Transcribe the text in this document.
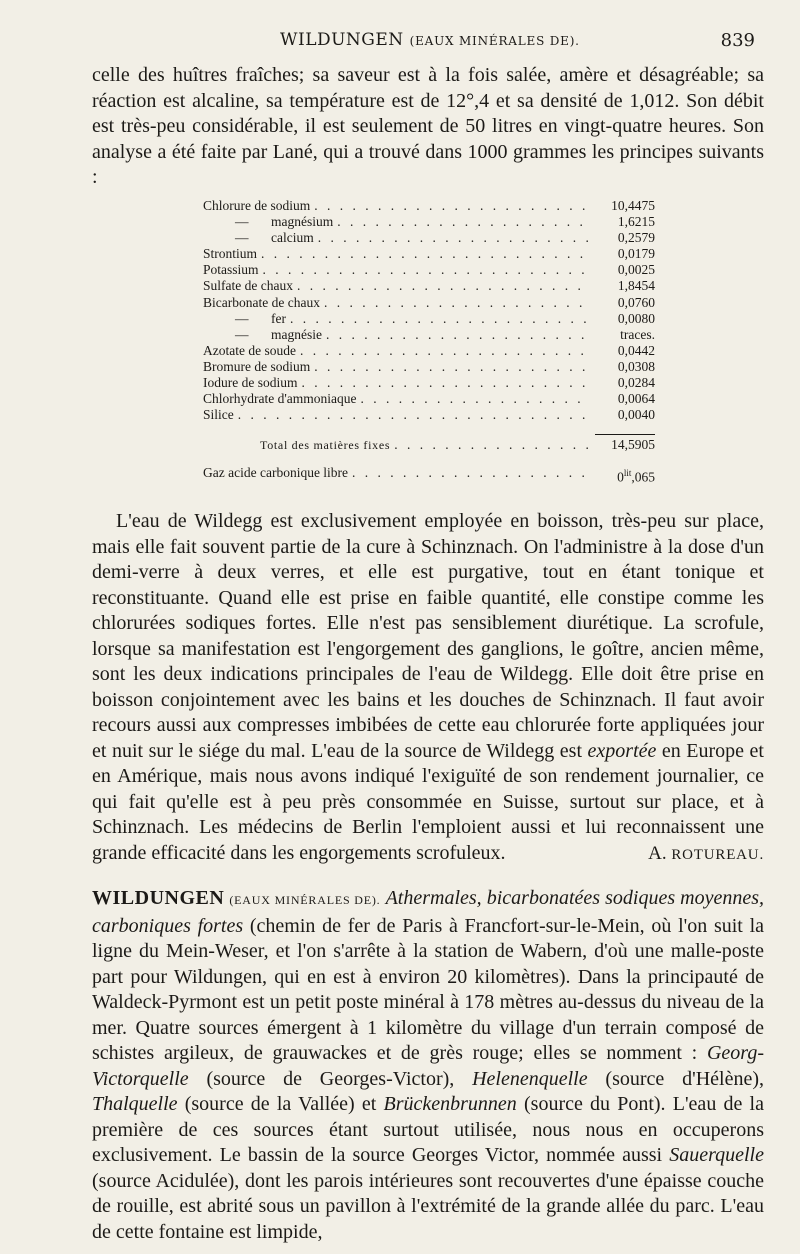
WILDUNGEN (EAUX MINÉRALES DE).	839

celle des huîtres fraîches; sa saveur est à la fois salée, amère et désagréable; sa réaction est alcaline, sa température est de 12°,4 et sa densité de 1,012. Son débit est très-peu considérable, il est seulement de 50 litres en vingt-quatre heures. Son analyse a été faite par Lané, qui a trouvé dans 1000 grammes les principes suivants :

Chlorure de sodium . . .	10,4475
— magnésium . . .	1,6215
— calcium . . .	0,2579
Strontium . . .	0,0179
Potassium . . .	0,0025
Sulfate de chaux . . .	1,8454
Bicarbonate de chaux . . .	0,0760
— fer . . .	0,0080
— magnésie . . .	traces.
Azotate de soude . . .	0,0442
Bromure de sodium . . .	0,0308
Iodure de sodium . . .	0,0284
Chlorhydrate d'ammoniaque . . .	0,0064
Silice . . .	0,0040
Total des matières fixes . . .	14,5905
Gaz acide carbonique libre . . .	$0^{lit},065$

L'eau de Wildegg est exclusivement employée en boisson, très-peu sur place, mais elle fait souvent partie de la cure à Schinznach. On l'administre à la dose d'un demi-verre à deux verres, et elle est purgative, tout en étant tonique et reconstituante. Quand elle est prise en faible quantité, elle constipe comme les chlorurées sodiques fortes. Elle n'est pas sensiblement diurétique. La scrofule, lorsque sa manifestation est l'engorgement des ganglions, le goître, ancien même, sont les deux indications principales de l'eau de Wildegg. Elle doit être prise en boisson conjointement avec les bains et les douches de Schinznach. Il faut avoir recours aussi aux compresses imbibées de cette eau chlorurée forte appliquées jour et nuit sur le siége du mal. L'eau de la source de Wildegg est exportée en Europe et en Amérique, mais nous avons indiqué l'exiguïté de son rendement journalier, ce qui fait qu'elle est à peu près consommée en Suisse, surtout sur place, et à Schinznach. Les médecins de Berlin l'emploient aussi et lui reconnaissent une grande efficacité dans les engorgements scrofuleux.	A. ROTUREAU.

WILDUNGEN (EAUX MINÉRALES DE). Athermales, bicarbonatées sodiques moyennes, carboniques fortes (chemin de fer de Paris à Francfort-sur-le-Mein, où l'on suit la ligne du Mein-Weser, et l'on s'arrête à la station de Wabern, d'où une malle-poste part pour Wildungen, qui en est à environ 20 kilomètres). Dans la principauté de Waldeck-Pyrmont est un petit poste minéral à 178 mètres au-dessus du niveau de la mer. Quatre sources émergent à 1 kilomètre du village d'un terrain composé de schistes argileux, de grauwackes et de grès rouge; elles se nomment : Georg-Victorquelle (source de Georges-Victor), Helenenquelle (source d'Hélène), Thalquelle (source de la Vallée) et Brückenbrunnen (source du Pont). L'eau de la première de ces sources étant surtout utilisée, nous nous en occuperons exclusivement. Le bassin de la source Georges Victor, nommée aussi Sauerquelle (source Acidulée), dont les parois intérieures sont recouvertes d'une épaisse couche de rouille, est abrité sous un pavillon à l'extrémité de la grande allée du parc. L'eau de cette fontaine est limpide,
